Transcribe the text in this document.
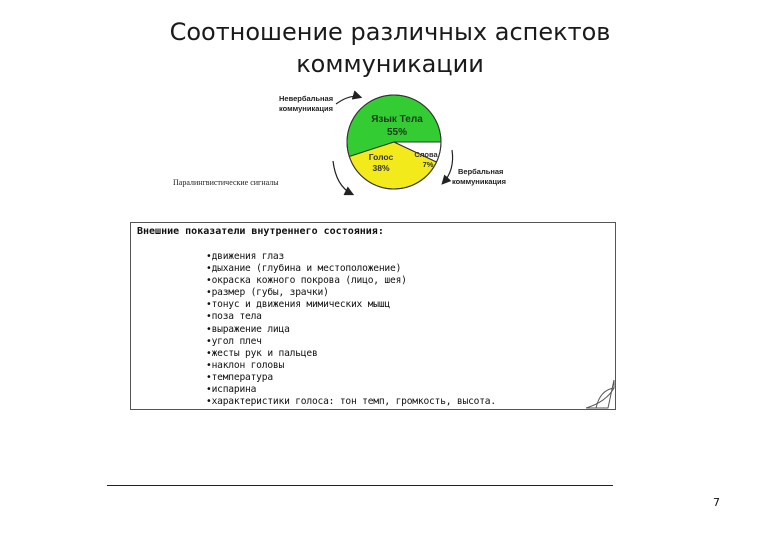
Соотношение различных аспектов
коммуникации
Язык Тела
55%
Голос
38%
Слова
7%
Невербальная
коммуникация
Вербальная
коммуникация
Паралингвистические сигналы
Внешние показатели внутреннего состояния:
• движения глаз
• дыхание (глубина и местоположение)
• окраска кожного покрова (лицо, шея)
• размер (губы, зрачки)
• тонус и движения мимических мышц
• поза тела
• выражение лица
• угол плеч
• жесты рук и пальцев
• наклон головы
• температура
• испарина
• характеристики голоса: тон темп, громкость, высота.
7
